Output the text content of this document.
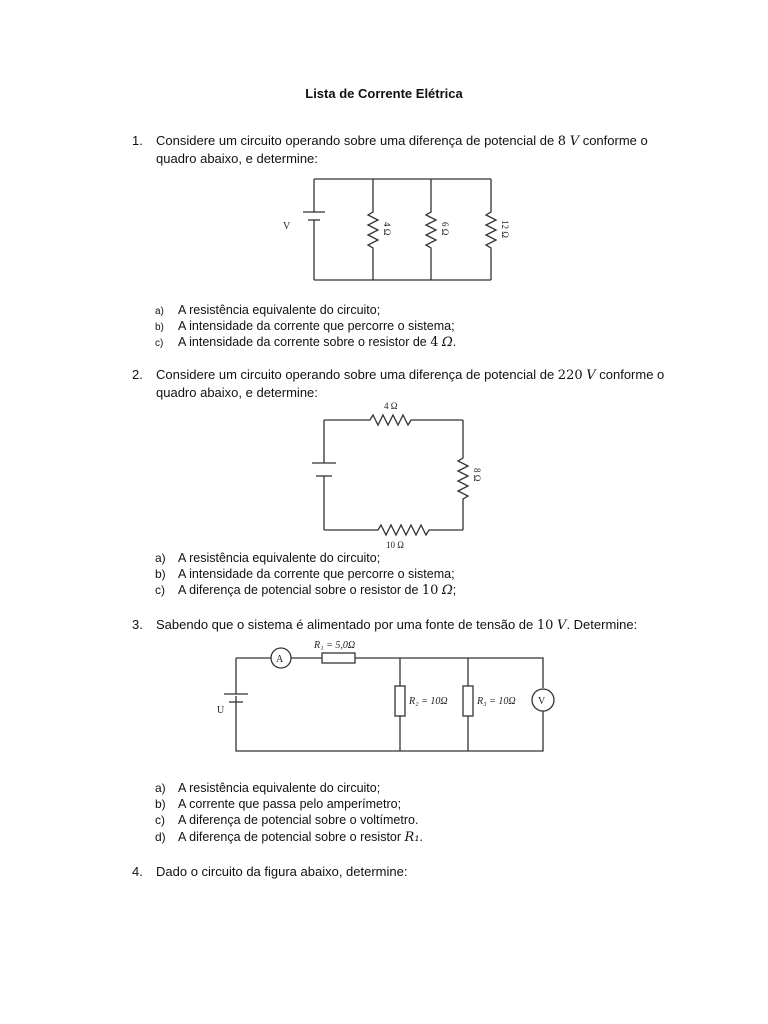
Lista de Corrente Elétrica
1. Considere um circuito operando sobre uma diferença de potencial de 8 V conforme o quadro abaixo, e determine:
V	4 Ω	6 Ω	12 Ω
a)	A resistência equivalente do circuito;
b)	A intensidade da corrente que percorre o sistema;
c)	A intensidade da corrente sobre o resistor de 4 Ω.
2. Considere um circuito operando sobre uma diferença de potencial de 220 V conforme o quadro abaixo, e determine:
4 Ω
8 Ω
10 Ω
a) A resistência equivalente do circuito;
b) A intensidade da corrente que percorre o sistema;
c)	A diferença de potencial sobre o resistor de 10 Ω;
3. Sabendo que o sistema é alimentado por uma fonte de tensão de 10 V. Determine:
A
V
U
R₁ = 5,0Ω
R₂ = 10Ω	R₃ = 10Ω
a) A resistência equivalente do circuito;
b) A corrente que passa pelo amperímetro;
c)	A diferença de potencial sobre o voltímetro.
d) A diferença de potencial sobre o resistor R₁.
4. Dado o circuito da figura abaixo, determine:
